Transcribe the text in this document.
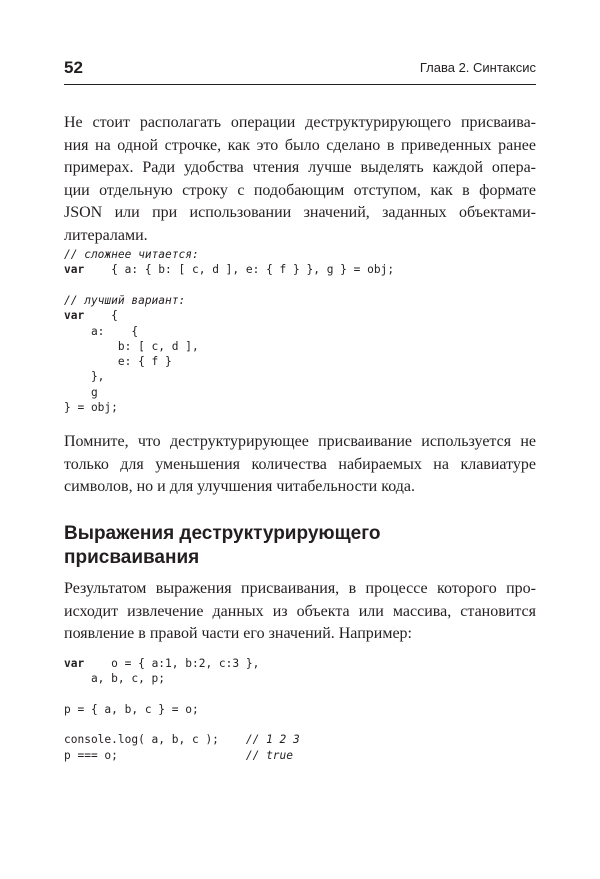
52	Глава 2. Синтаксис
Не стоит располагать операции деструктурирующего присваива-
ния на одной строчке, как это было сделано в приведенных ранее
примерах. Ради удобства чтения лучше выделять каждой опера-
ции отдельную строку с подобающим отступом, как в формате
JSON или при использовании значений, заданных объектами-
литералами.
// сложнее читается:
var    { a: { b: [ c, d ], e: { f } }, g } = obj;
// лучший вариант:
var    {
a:    {
b: [ c, d ],
e: { f }
},
g
} = obj;
Помните, что деструктурирующее присваивание используется не
только для уменьшения количества набираемых на клавиатуре
символов, но и для улучшения читабельности кода.
Выражения деструктурирующего
присваивания
Результатом выражения присваивания, в процессе которого про-
исходит извлечение данных из объекта или массива, становится
появление в правой части его значений. Например:
var    o = { a:1, b:2, c:3 },
a, b, c, p;

p = { a, b, c } = o;

console.log( a, b, c );    // 1 2 3
p === o;                   // true
